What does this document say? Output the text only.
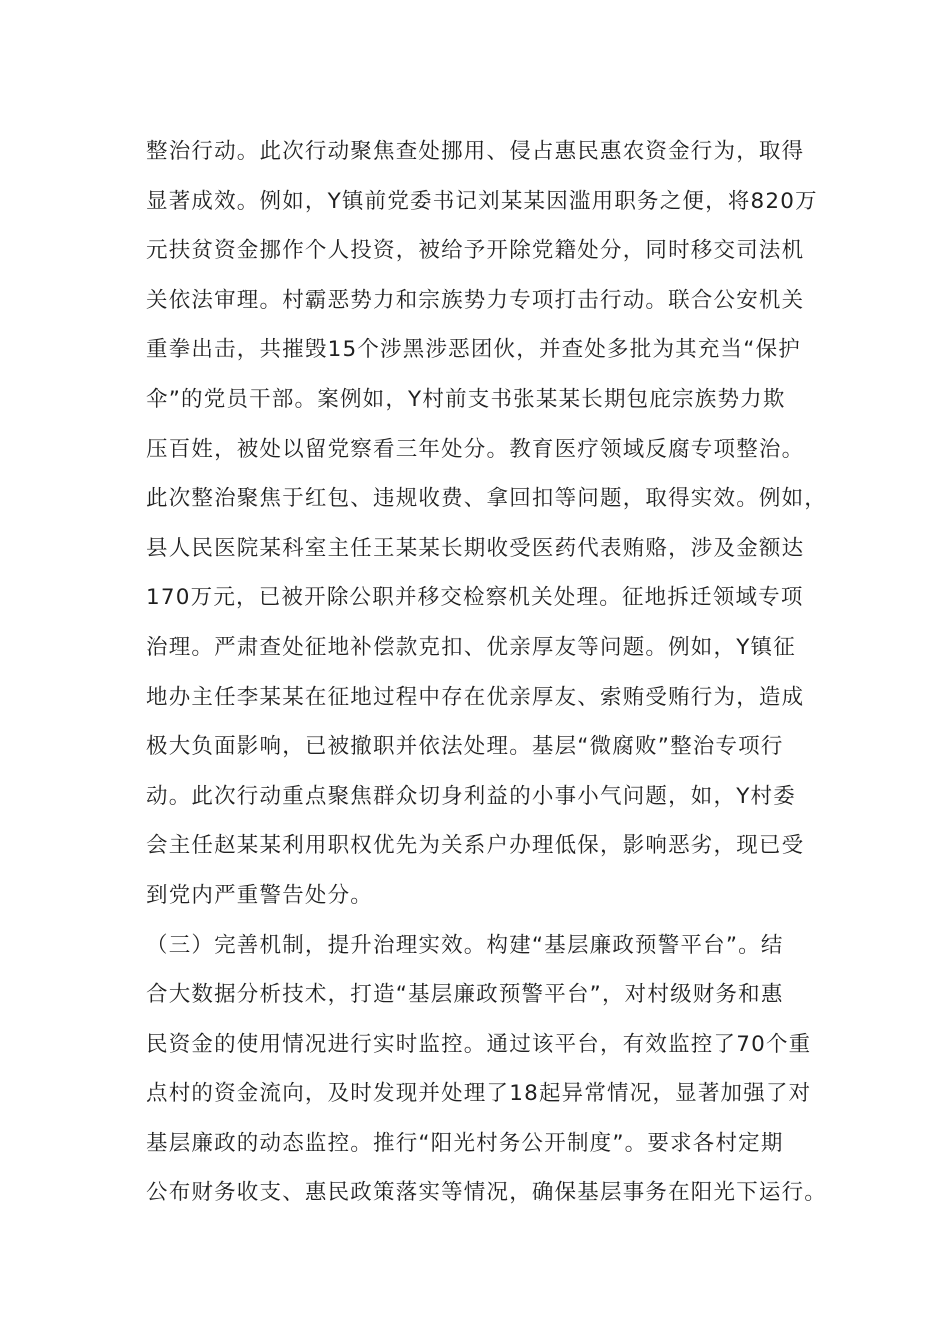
整治行动。此次行动聚焦查处挪用、侵占惠民惠农资金行为，取得
显著成效。例如，Y镇前党委书记刘某某因滥用职务之便，将820万
元扶贫资金挪作个人投资，被给予开除党籍处分，同时移交司法机
关依法审理。村霸恶势力和宗族势力专项打击行动。联合公安机关
重拳出击，共摧毁15个涉黑涉恶团伙，并查处多批为其充当“保护
伞”的党员干部。案例如，Y村前支书张某某长期包庇宗族势力欺
压百姓，被处以留党察看三年处分。教育医疗领域反腐专项整治。
此次整治聚焦于红包、违规收费、拿回扣等问题，取得实效。例如，
县人民医院某科室主任王某某长期收受医药代表贿赂，涉及金额达
170万元，已被开除公职并移交检察机关处理。征地拆迁领域专项
治理。严肃查处征地补偿款克扣、优亲厚友等问题。例如，Y镇征
地办主任李某某在征地过程中存在优亲厚友、索贿受贿行为，造成
极大负面影响，已被撤职并依法处理。基层“微腐败”整治专项行
动。此次行动重点聚焦群众切身利益的小事小气问题，如，Y村委
会主任赵某某利用职权优先为关系户办理低保，影响恶劣，现已受
到党内严重警告处分。
（三）完善机制，提升治理实效。构建“基层廉政预警平台”。结
合大数据分析技术，打造“基层廉政预警平台”，对村级财务和惠
民资金的使用情况进行实时监控。通过该平台，有效监控了70个重
点村的资金流向，及时发现并处理了18起异常情况，显著加强了对
基层廉政的动态监控。推行“阳光村务公开制度”。要求各村定期
公布财务收支、惠民政策落实等情况，确保基层事务在阳光下运行。
